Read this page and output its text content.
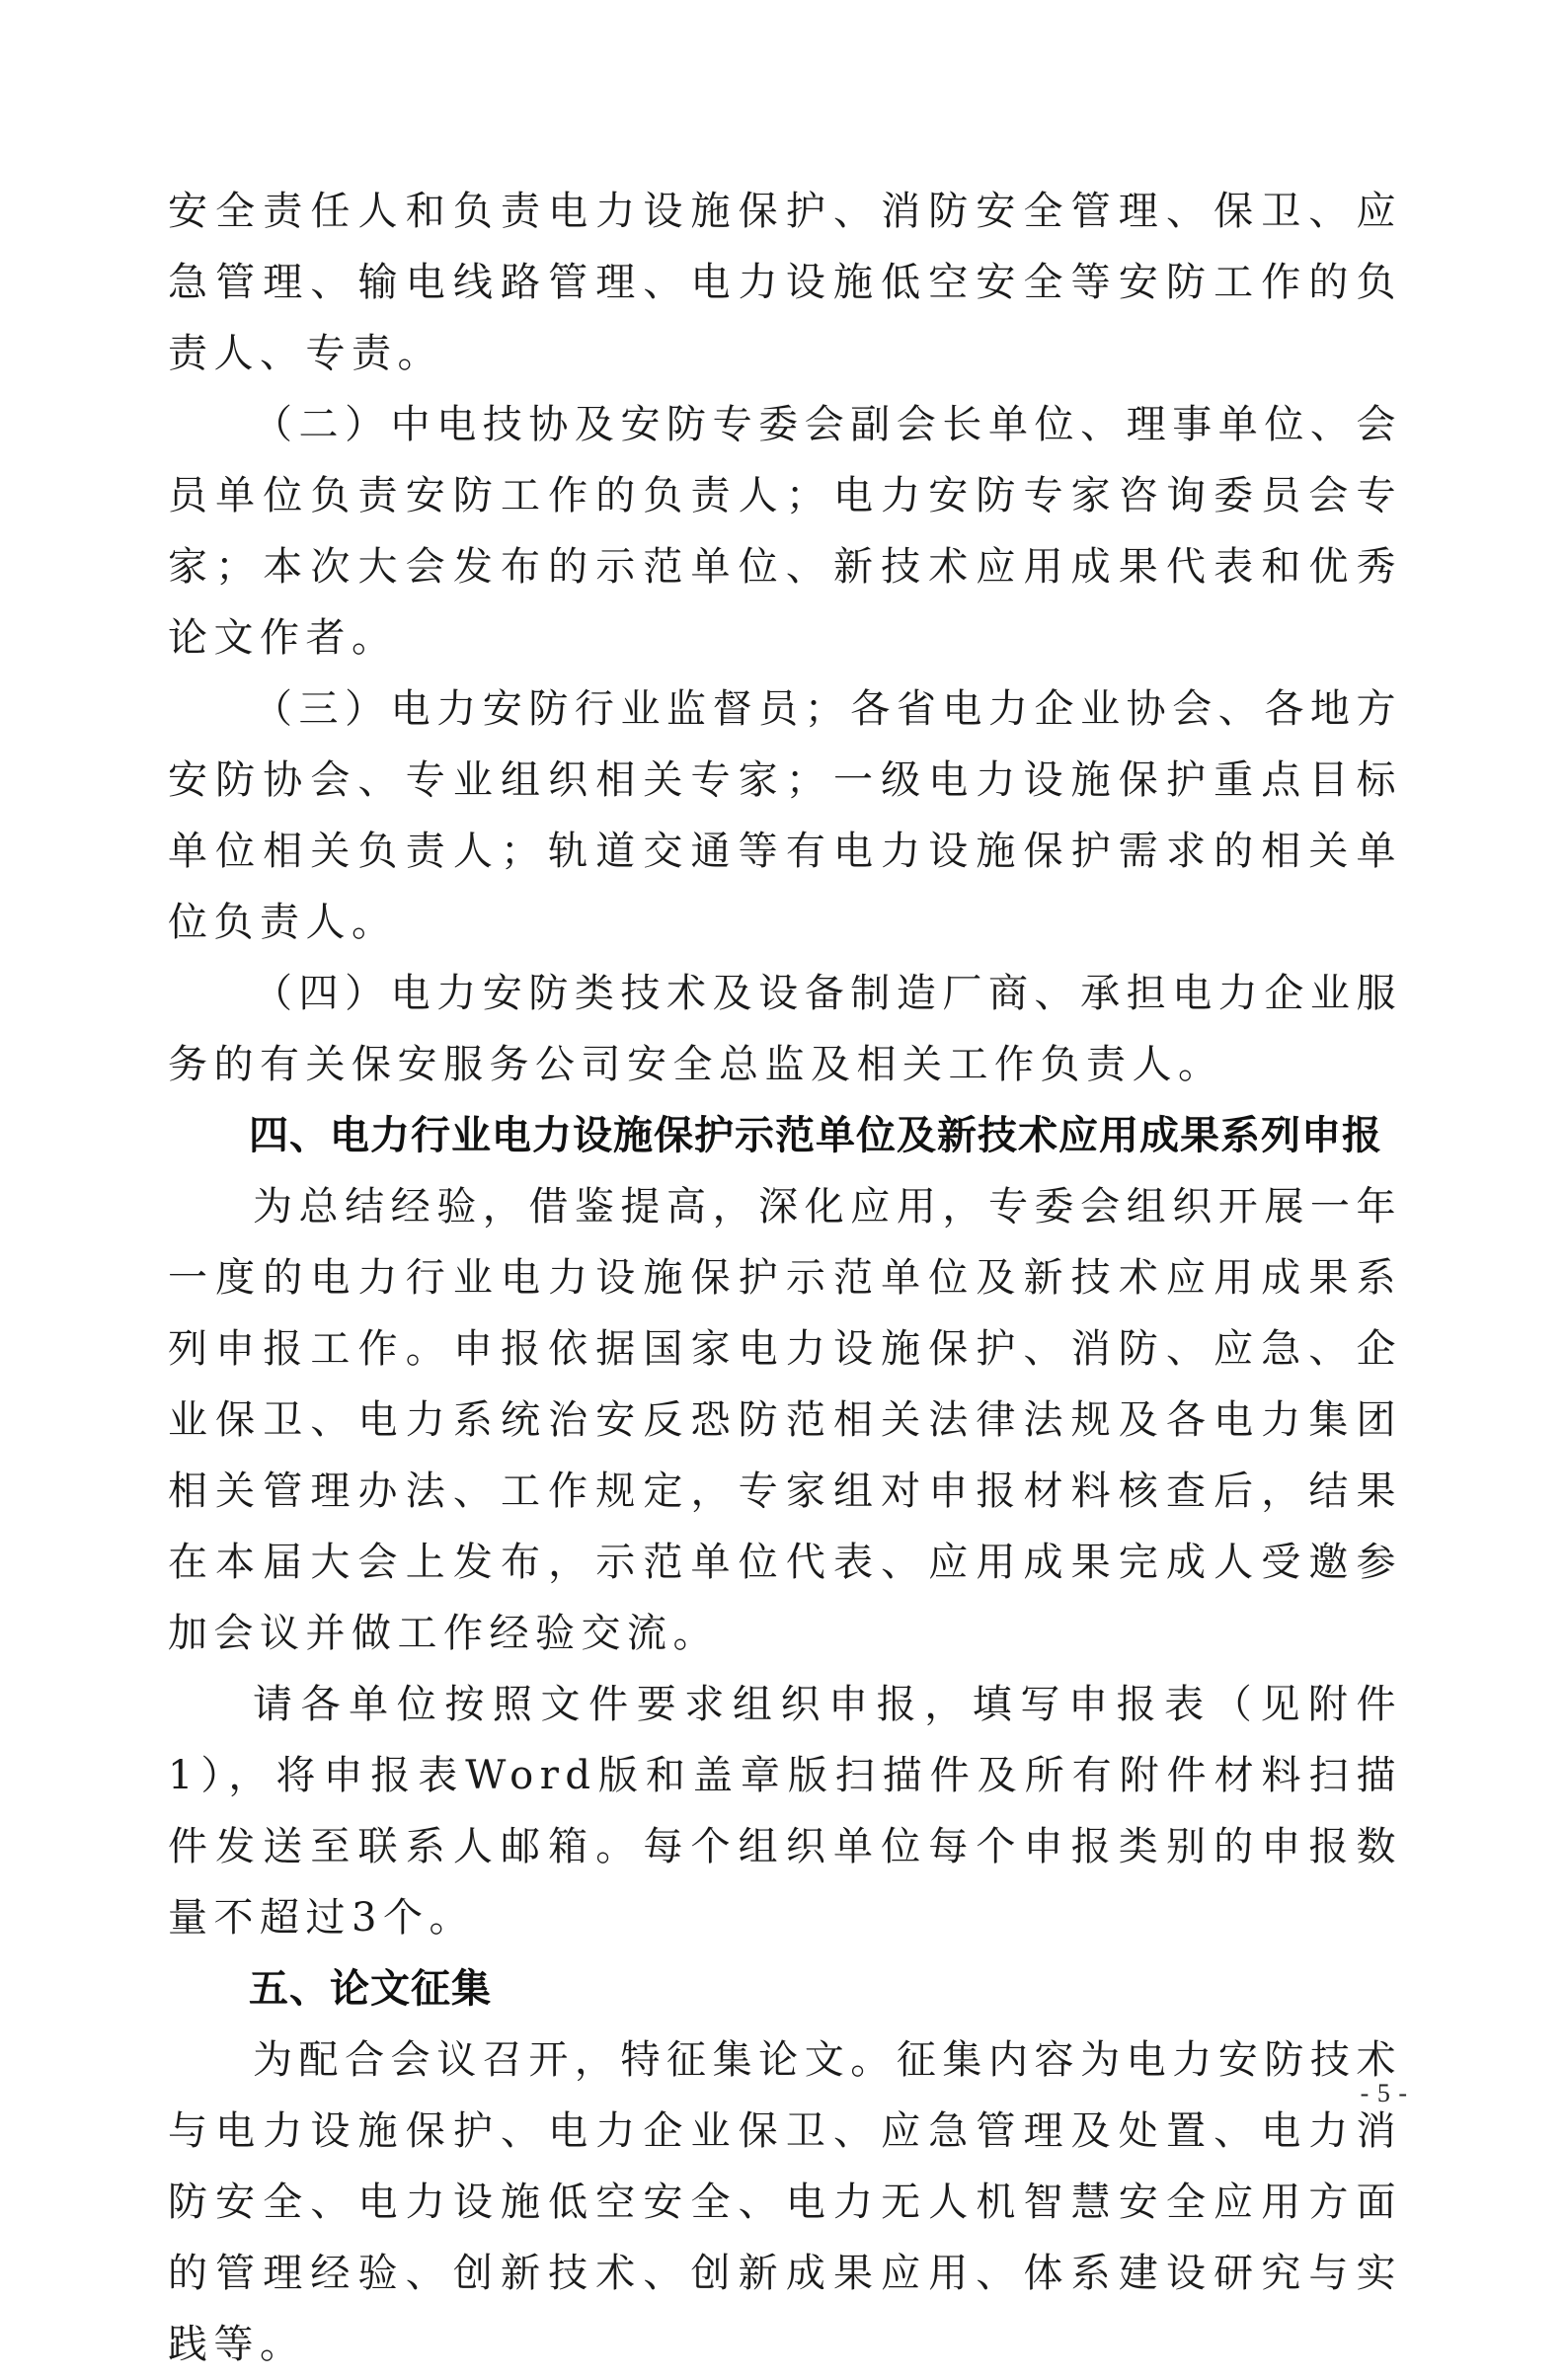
安全责任人和负责电力设施保护、消防安全管理、保卫、应急管理、输电线路管理、电力设施低空安全等安防工作的负责人、专责。

（二）中电技协及安防专委会副会长单位、理事单位、会员单位负责安防工作的负责人；电力安防专家咨询委员会专家；本次大会发布的示范单位、新技术应用成果代表和优秀论文作者。

（三）电力安防行业监督员；各省电力企业协会、各地方安防协会、专业组织相关专家；一级电力设施保护重点目标单位相关负责人；轨道交通等有电力设施保护需求的相关单位负责人。

（四）电力安防类技术及设备制造厂商、承担电力企业服务的有关保安服务公司安全总监及相关工作负责人。

四、电力行业电力设施保护示范单位及新技术应用成果系列申报

为总结经验，借鉴提高，深化应用，专委会组织开展一年一度的电力行业电力设施保护示范单位及新技术应用成果系列申报工作。申报依据国家电力设施保护、消防、应急、企业保卫、电力系统治安反恐防范相关法律法规及各电力集团相关管理办法、工作规定，专家组对申报材料核查后，结果在本届大会上发布，示范单位代表、应用成果完成人受邀参加会议并做工作经验交流。

请各单位按照文件要求组织申报，填写申报表（见附件1），将申报表Word版和盖章版扫描件及所有附件材料扫描件发送至联系人邮箱。每个组织单位每个申报类别的申报数量不超过3个。

五、论文征集

为配合会议召开，特征集论文。征集内容为电力安防技术与电力设施保护、电力企业保卫、应急管理及处置、电力消防安全、电力设施低空安全、电力无人机智慧安全应用方面的管理经验、创新技术、创新成果应用、体系建设研究与实践等。

- 5 -
